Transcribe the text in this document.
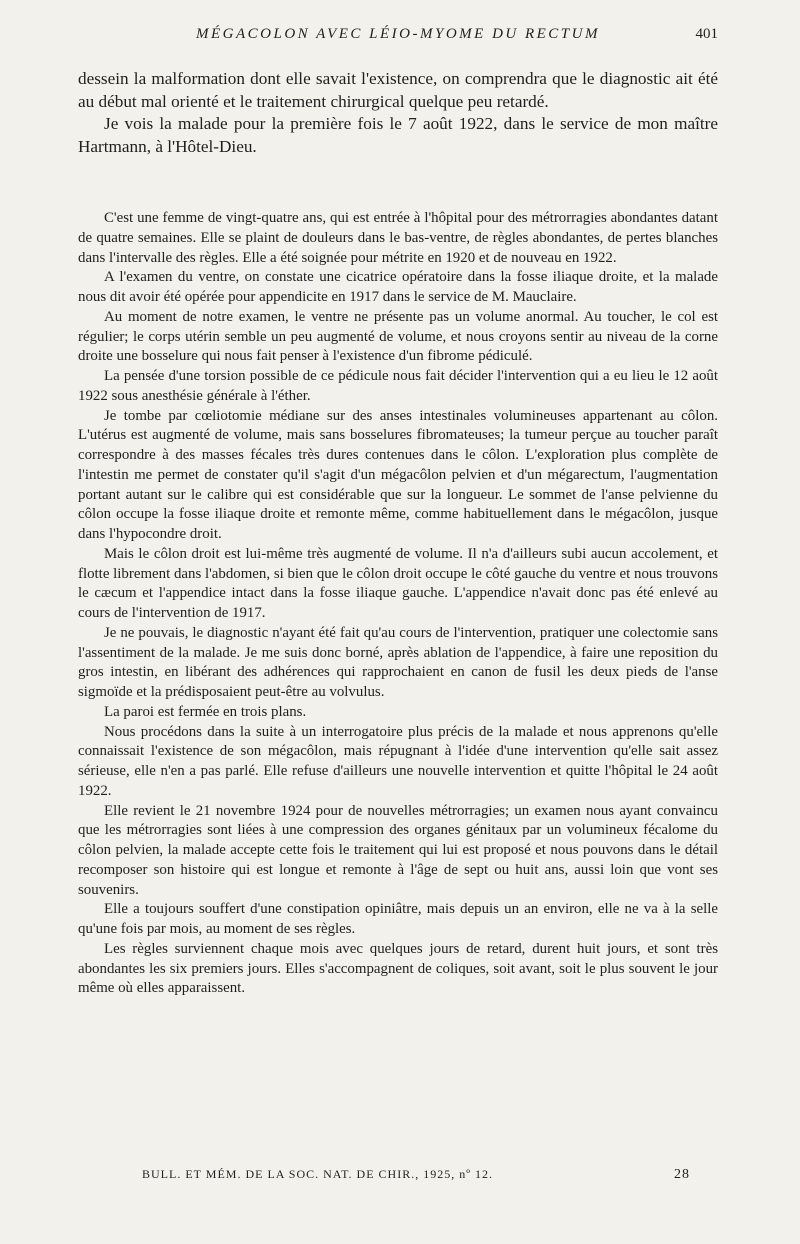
MÉGACOLON AVEC LÉIO-MYOME DU RECTUM	401

dessein la malformation dont elle savait l'existence, on comprendra que le diagnostic ait été au début mal orienté et le traitement chirurgical quelque peu retardé.

Je vois la malade pour la première fois le 7 août 1922, dans le service de mon maître Hartmann, à l'Hôtel-Dieu.

C'est une femme de vingt-quatre ans, qui est entrée à l'hôpital pour des métrorragies abondantes datant de quatre semaines. Elle se plaint de douleurs dans le bas-ventre, de règles abondantes, de pertes blanches dans l'intervalle des règles. Elle a été soignée pour métrite en 1920 et de nouveau en 1922.

A l'examen du ventre, on constate une cicatrice opératoire dans la fosse iliaque droite, et la malade nous dit avoir été opérée pour appendicite en 1917 dans le service de M. Mauclaire.

Au moment de notre examen, le ventre ne présente pas un volume anormal. Au toucher, le col est régulier; le corps utérin semble un peu augmenté de volume, et nous croyons sentir au niveau de la corne droite une bosselure qui nous fait penser à l'existence d'un fibrome pédiculé.

La pensée d'une torsion possible de ce pédicule nous fait décider l'intervention qui a eu lieu le 12 août 1922 sous anesthésie générale à l'éther.

Je tombe par cœliotomie médiane sur des anses intestinales volumineuses appartenant au côlon. L'utérus est augmenté de volume, mais sans bosselures fibromateuses; la tumeur perçue au toucher paraît correspondre à des masses fécales très dures contenues dans le côlon. L'exploration plus complète de l'intestin me permet de constater qu'il s'agit d'un mégacôlon pelvien et d'un mégarectum, l'augmentation portant autant sur le calibre qui est considérable que sur la longueur. Le sommet de l'anse pelvienne du côlon occupe la fosse iliaque droite et remonte même, comme habituellement dans le mégacôlon, jusque dans l'hypocondre droit.

Mais le côlon droit est lui-même très augmenté de volume. Il n'a d'ailleurs subi aucun accolement, et flotte librement dans l'abdomen, si bien que le côlon droit occupe le côté gauche du ventre et nous trouvons le cæcum et l'appendice intact dans la fosse iliaque gauche. L'appendice n'avait donc pas été enlevé au cours de l'intervention de 1917.

Je ne pouvais, le diagnostic n'ayant été fait qu'au cours de l'intervention, pratiquer une colectomie sans l'assentiment de la malade. Je me suis donc borné, après ablation de l'appendice, à faire une reposition du gros intestin, en libérant des adhérences qui rapprochaient en canon de fusil les deux pieds de l'anse sigmoïde et la prédisposaient peut-être au volvulus.

La paroi est fermée en trois plans.

Nous procédons dans la suite à un interrogatoire plus précis de la malade et nous apprenons qu'elle connaissait l'existence de son mégacôlon, mais répugnant à l'idée d'une intervention qu'elle sait assez sérieuse, elle n'en a pas parlé. Elle refuse d'ailleurs une nouvelle intervention et quitte l'hôpital le 24 août 1922.

Elle revient le 21 novembre 1924 pour de nouvelles métrorragies; un examen nous ayant convaincu que les métrorragies sont liées à une compression des organes génitaux par un volumineux fécalome du côlon pelvien, la malade accepte cette fois le traitement qui lui est proposé et nous pouvons dans le détail recomposer son histoire qui est longue et remonte à l'âge de sept ou huit ans, aussi loin que vont ses souvenirs.

Elle a toujours souffert d'une constipation opiniâtre, mais depuis un an environ, elle ne va à la selle qu'une fois par mois, au moment de ses règles.

Les règles surviennent chaque mois avec quelques jours de retard, durent huit jours, et sont très abondantes les six premiers jours. Elles s'accompagnent de coliques, soit avant, soit le plus souvent le jour même où elles apparaissent.

BULL. ET MÉM. DE LA SOC. NAT. DE CHIR., 1925, nº 12.	28
